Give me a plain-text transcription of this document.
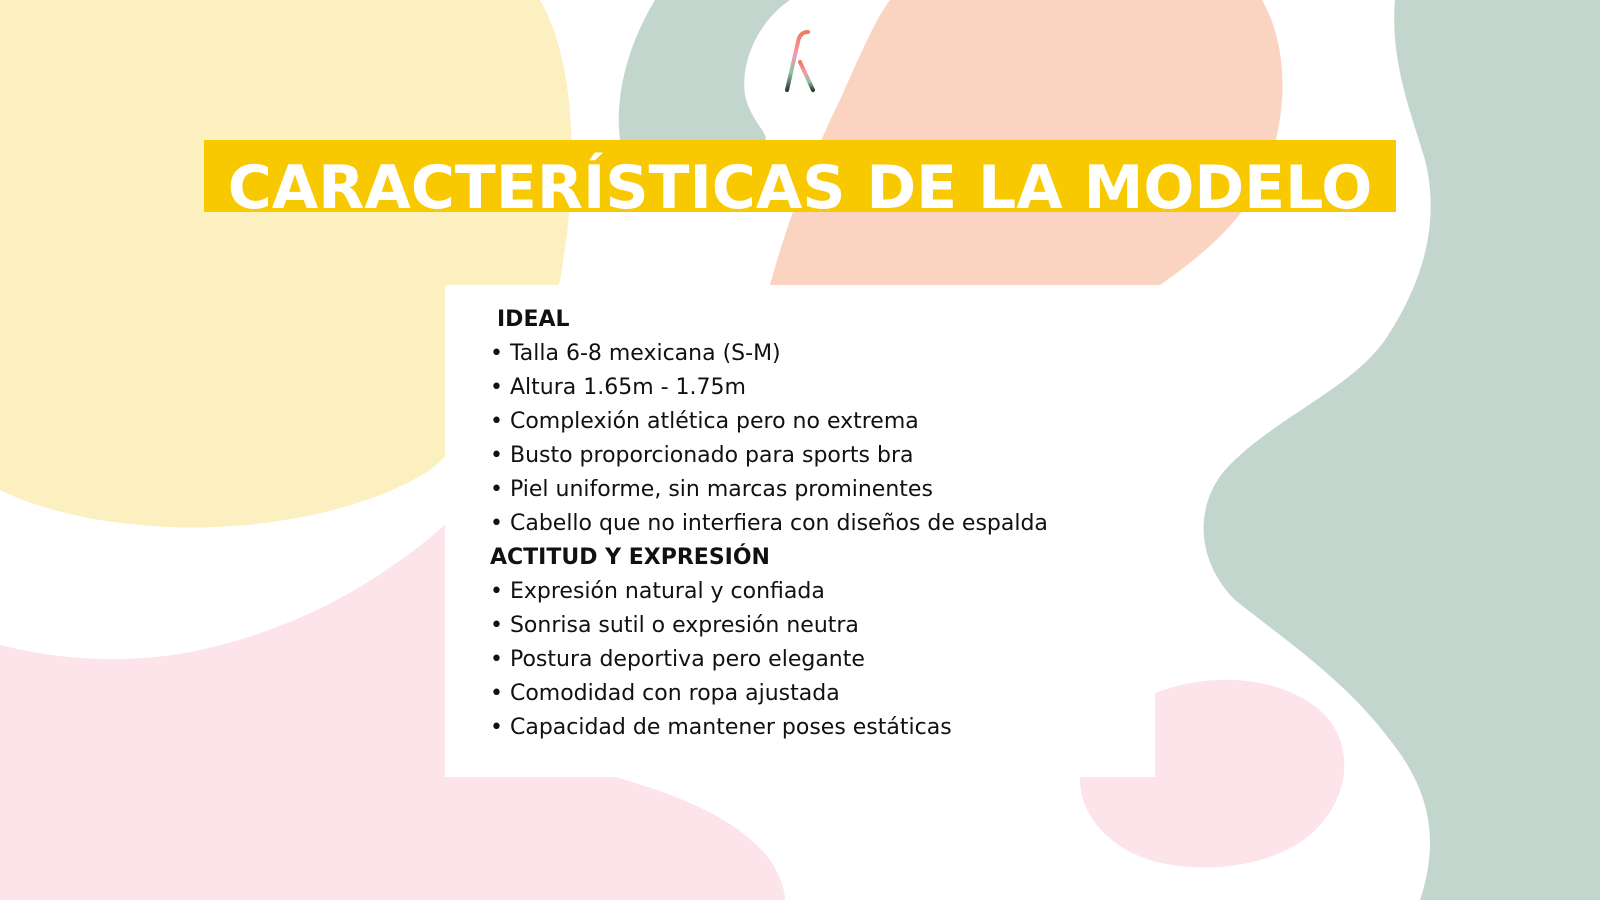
CARACTERÍSTICAS DE LA MODELO
IDEAL
• Talla 6-8 mexicana (S-M)
• Altura 1.65m - 1.75m
• Complexión atlética pero no extrema
• Busto proporcionado para sports bra
• Piel uniforme, sin marcas prominentes
• Cabello que no interfiera con diseños de espalda
ACTITUD Y EXPRESIÓN
• Expresión natural y confiada
• Sonrisa sutil o expresión neutra
• Postura deportiva pero elegante
• Comodidad con ropa ajustada
• Capacidad de mantener poses estáticas
